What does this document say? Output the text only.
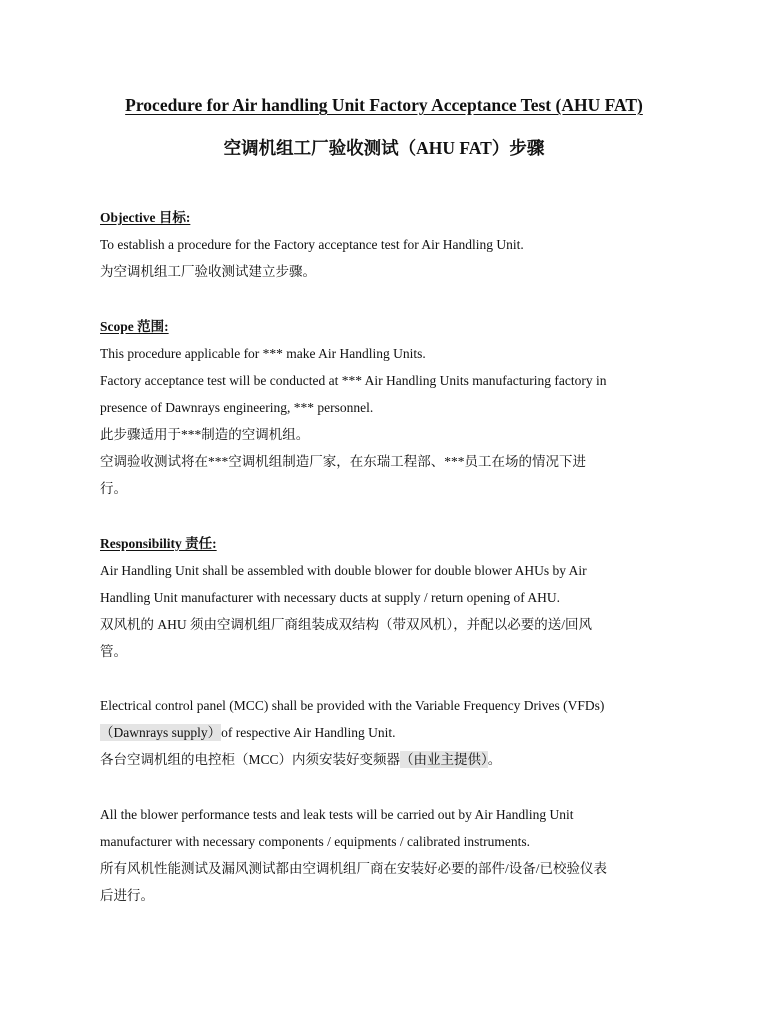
Procedure for Air handling Unit Factory Acceptance Test (AHU FAT)
空调机组工厂验收测试（AHU FAT）步骤
Objective 目标:
To establish a procedure for the Factory acceptance test for Air Handling Unit.
为空调机组工厂验收测试建立步骤。
Scope 范围:
This procedure applicable for *** make Air Handling Units.
Factory acceptance test will be conducted at *** Air Handling Units manufacturing factory in
presence of Dawnrays engineering, *** personnel.
此步骤适用于***制造的空调机组。
空调验收测试将在***空调机组制造厂家，在东瑞工程部、***员工在场的情况下进
行。
Responsibility 责任:
Air Handling Unit shall be assembled with double blower for double blower AHUs by Air
Handling Unit manufacturer with necessary ducts at supply / return opening of AHU.
双风机的 AHU 须由空调机组厂商组装成双结构（带双风机），并配以必要的送/回风
管。
Electrical control panel (MCC) shall be provided with the Variable Frequency Drives (VFDs)
（Dawnrays supply）of respective Air Handling Unit.
各台空调机组的电控柜（MCC）内须安装好变频器（由业主提供）。
All the blower performance tests and leak tests will be carried out by Air Handling Unit
manufacturer with necessary components / equipments / calibrated instruments.
所有风机性能测试及漏风测试都由空调机组厂商在安装好必要的部件/设备/已校验仪表
后进行。
